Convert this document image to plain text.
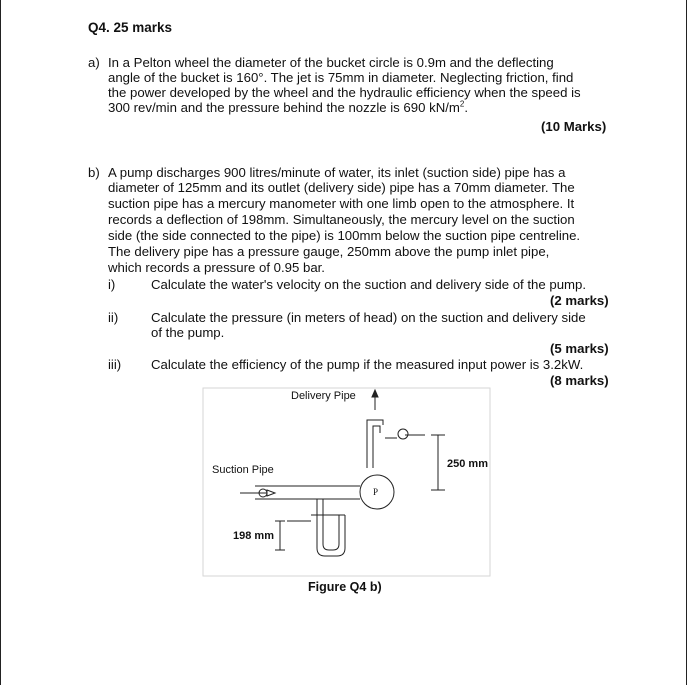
Q4. 25 marks
a) In a Pelton wheel the diameter of the bucket circle is 0.9m and the deflecting
angle of the bucket is 160°. The jet is 75mm in diameter. Neglecting friction, find
the power developed by the wheel and the hydraulic efficiency when the speed is
300 rev/min and the pressure behind the nozzle is 690 $kN/m^2$.
(10 Marks)
b) A pump discharges 900 litres/minute of water, its inlet (suction side) pipe has a
diameter of 125mm and its outlet (delivery side) pipe has a 70mm diameter. The
suction pipe has a mercury manometer with one limb open to the atmosphere. It
records a deflection of 198mm. Simultaneously, the mercury level on the suction
side (the side connected to the pipe) is 100mm below the suction pipe centreline.
The delivery pipe has a pressure gauge, 250mm above the pump inlet pipe,
which records a pressure of 0.95 bar.
i)	Calculate the water's velocity on the suction and delivery side of the pump.
(2 marks)
ii) Calculate the pressure (in meters of head) on the suction and delivery side
of the pump.
(5 marks)
iii) Calculate the efficiency of the pump if the measured input power is 3.2kW.
(8 marks)
Delivery Pipe
Suction Pipe
198 mm
250 mm
P
Figure Q4 b)
